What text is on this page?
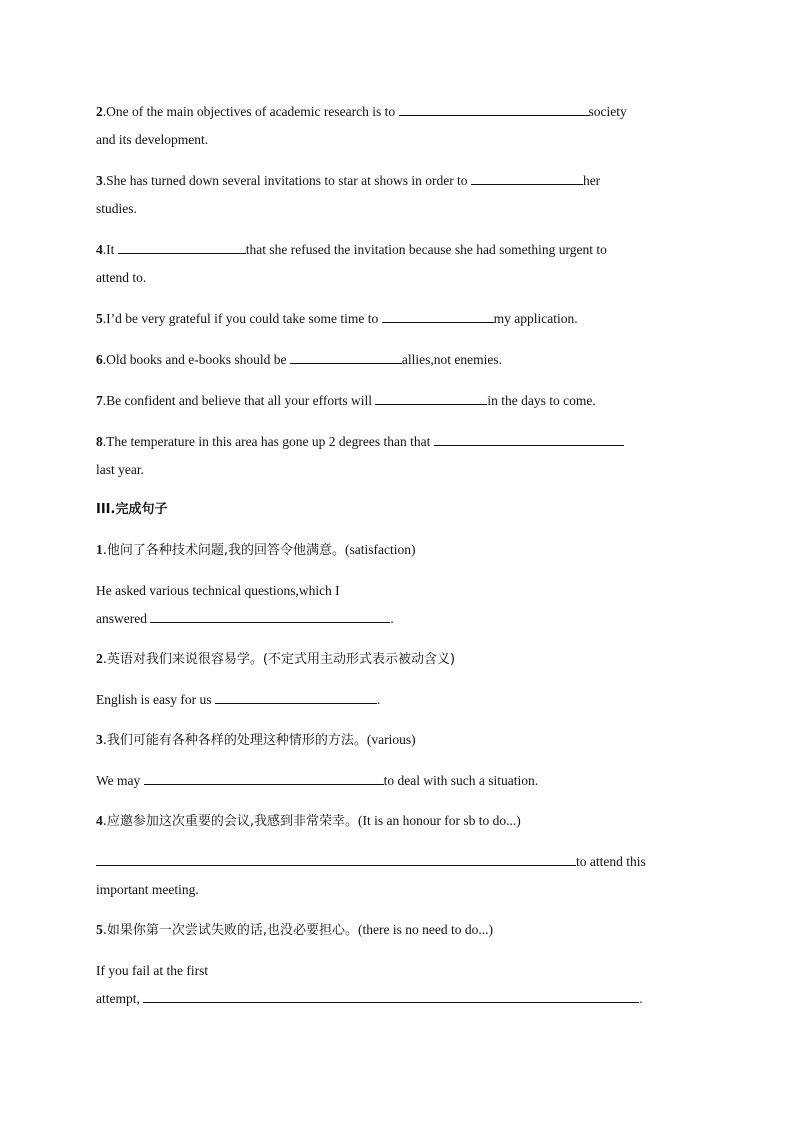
2.One of the main objectives of academic research is to	society
and its development.
3.She has turned down several invitations to star at shows in order to	her
studies.
4.It	that she refused the invitation because she had something urgent to
attend to.
5.I’d be very grateful if you could take some time to	my application.
6.Old books and e-books should be	allies,not enemies.
7.Be confident and believe that all your efforts will	in the days to come.
8.The temperature in this area has gone up 2 degrees than that
last year.
III.完成句子
1.他问了各种技术问题,我的回答令他满意。(satisfaction)
He asked various technical questions,which I
answered	.
2.英语对我们来说很容易学。(不定式用主动形式表示被动含义)
English is easy for us	.
3.我们可能有各种各样的处理这种情形的方法。(various)
We may	to deal with such a situation.
4.应邀参加这次重要的会议,我感到非常荣幸。(It is an honour for sb to do...)
to attend this
important meeting.
5.如果你第一次尝试失败的话,也没必要担心。(there is no need to do...)
If you fail at the first
attempt,	.
